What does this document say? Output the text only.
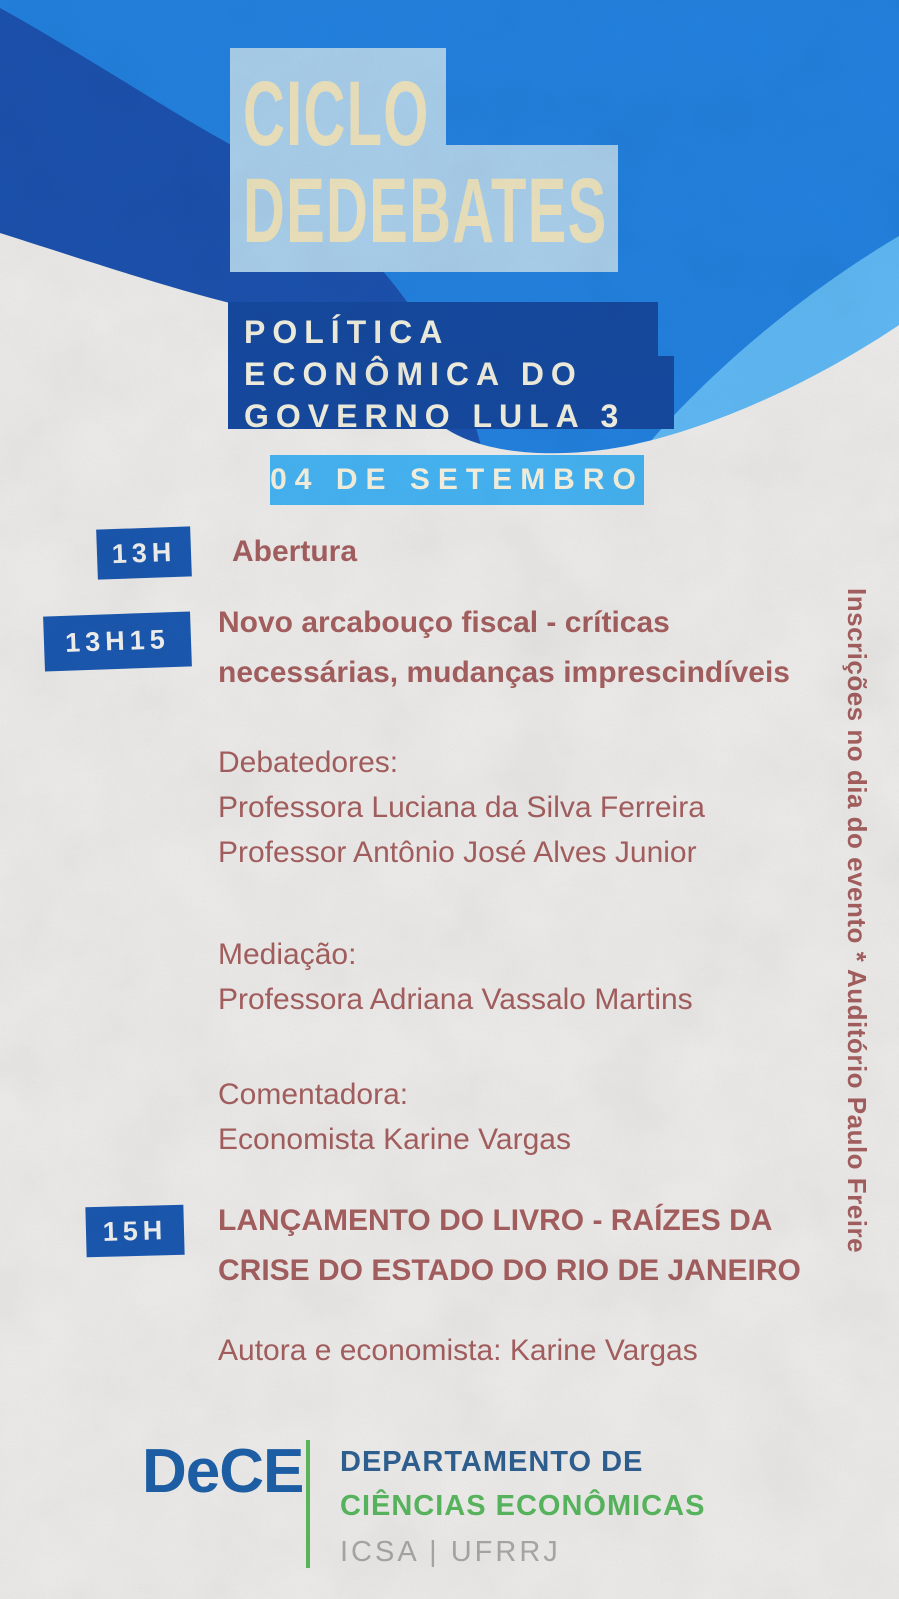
CICLO
DEDEBATES
POLÍTICA
ECONÔMICA DO
GOVERNO LULA 3
04 DE SETEMBRO
13H	Abertura
13H15
Novo arcabouço fiscal - críticas
necessárias, mudanças imprescindíveis
Debatedores:
Professora Luciana da Silva Ferreira
Professor Antônio José Alves Junior
Mediação:
Professora Adriana Vassalo Martins
Comentadora:
Economista Karine Vargas
15H	LANÇAMENTO DO LIVRO - RAÍZES DA
CRISE DO ESTADO DO RIO DE JANEIRO
Autora e economista: Karine Vargas
Inscrições no dia do evento * Auditório Paulo Freire
DeCE DEPARTAMENTO DE
CIÊNCIAS ECONÔMICAS
ICSA | UFRRJ
